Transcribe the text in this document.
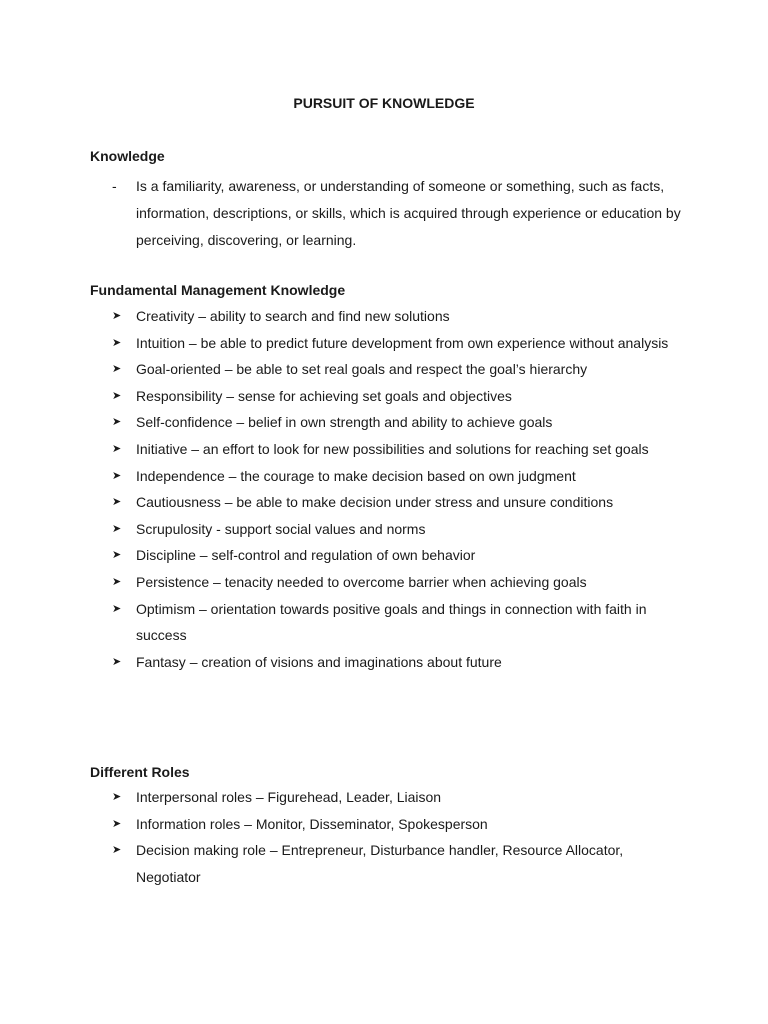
PURSUIT OF KNOWLEDGE
Knowledge
- Is a familiarity, awareness, or understanding of someone or something, such as facts, information, descriptions, or skills, which is acquired through experience or education by perceiving, discovering, or learning.
Fundamental Management Knowledge
➤ Creativity – ability to search and find new solutions
➤ Intuition – be able to predict future development from own experience without analysis
➤ Goal-oriented – be able to set real goals and respect the goal’s hierarchy
➤ Responsibility – sense for achieving set goals and objectives
➤ Self-confidence – belief in own strength and ability to achieve goals
➤ Initiative – an effort to look for new possibilities and solutions for reaching set goals
➤ Independence – the courage to make decision based on own judgment
➤ Cautiousness – be able to make decision under stress and unsure conditions
➤ Scrupulosity - support social values and norms
➤ Discipline – self-control and regulation of own behavior
➤ Persistence – tenacity needed to overcome barrier when achieving goals
➤ Optimism – orientation towards positive goals and things in connection with faith in success
➤ Fantasy – creation of visions and imaginations about future
Different Roles
➤ Interpersonal roles – Figurehead, Leader, Liaison
➤ Information roles – Monitor, Disseminator, Spokesperson
➤ Decision making role – Entrepreneur, Disturbance handler, Resource Allocator, Negotiator
